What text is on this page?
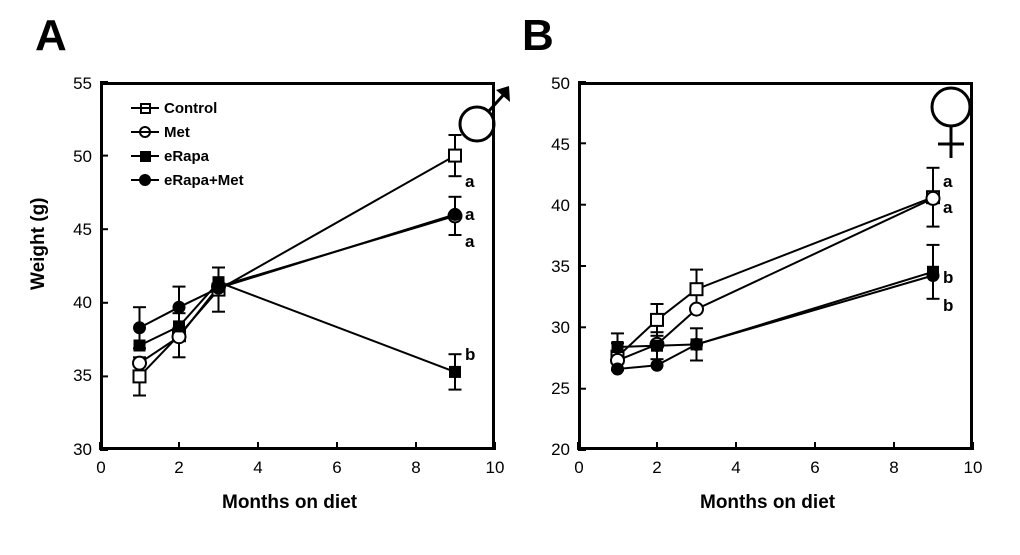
A
Weight (g)
30
35
40
45
50
55
0	2	4	6	8	10
Months on diet
Control
Met
eRapa
eRapa+Met	a
a
a
b
B
20
25
30
35
40
45
50
0	2	4	6	8	10
Months on diet
a
a
b
b
